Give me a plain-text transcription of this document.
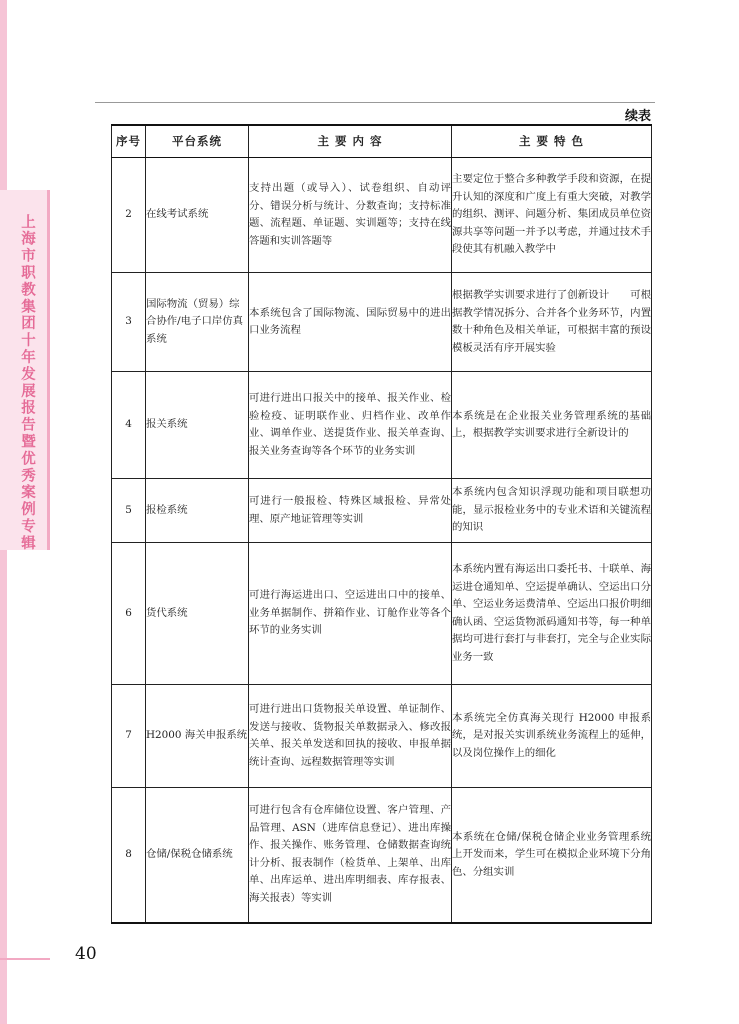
上海市职教集团十年发展报告暨优秀案例专辑
续表
序号	平台系统	主 要 内 容	主 要 特 色
2	在线考试系统	支持出题（或导入）、试卷组织、自动评分、错误分析与统计、分数查询；支持标准题、流程题、单证题、实训题等；支持在线答题和实训答题等	主要定位于整合多种教学手段和资源，在提升认知的深度和广度上有重大突破，对教学的组织、测评、问题分析、集团成员单位资源共享等问题一并予以考虑，并通过技术手段使其有机融入教学中
3	国际物流（贸易）综合协作/电子口岸仿真系统	本系统包含了国际物流、国际贸易中的进出口业务流程	根据教学实训要求进行了创新设计　　可根据教学情况拆分、合并各个业务环节，内置数十种角色及相关单证，可根据丰富的预设模板灵活有序开展实验
4	报关系统	可进行进出口报关中的接单、报关作业、检验检疫、证明联作业、归档作业、改单作业、调单作业、送提货作业、报关单查询、报关业务查询等各个环节的业务实训	本系统是在企业报关业务管理系统的基础上，根据教学实训要求进行全新设计的
5	报检系统	可进行一般报检、特殊区域报检、异常处理、原产地证管理等实训	本系统内包含知识浮现功能和项目联想功能，显示报检业务中的专业术语和关键流程的知识
6	货代系统	可进行海运进出口、空运进出口中的接单、业务单据制作、拼箱作业、订舱作业等各个环节的业务实训	本系统内置有海运出口委托书、十联单、海运进仓通知单、空运提单确认、空运出口分单、空运业务运费清单、空运出口报价明细确认函、空运货物派码通知书等，每一种单据均可进行套打与非套打，完全与企业实际业务一致
7	H2000 海关申报系统	可进行进出口货物报关单设置、单证制作、发送与接收、货物报关单数据录入、修改报关单、报关单发送和回执的接收、申报单据统计查询、远程数据管理等实训	本系统完全仿真海关现行 H2000 申报系统，是对报关实训系统业务流程上的延伸，以及岗位操作上的细化
8	仓储/保税仓储系统	可进行包含有仓库储位设置、客户管理、产品管理、ASN（进库信息登记）、进出库操作、报关操作、账务管理、仓储数据查询统计分析、报表制作（检货单、上架单、出库单、出库运单、进出库明细表、库存报表、海关报表）等实训	本系统在仓储/保税仓储企业业务管理系统上开发而来，学生可在模拟企业环境下分角色、分组实训
40
